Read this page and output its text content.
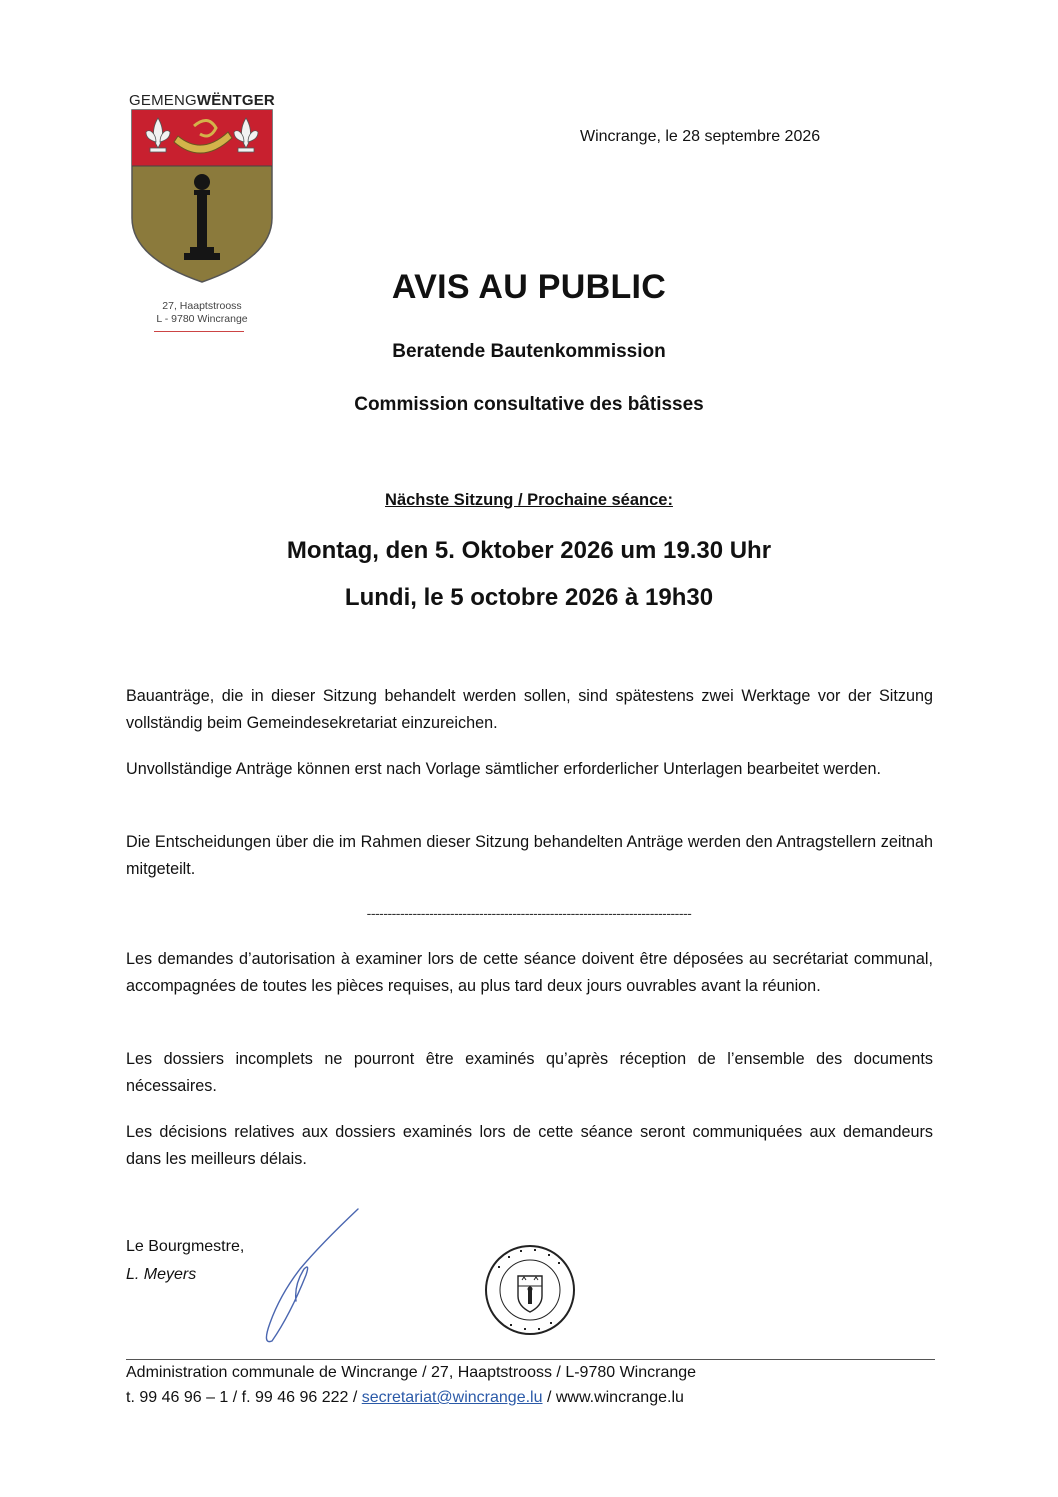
GEMENGWËNTGER
27, Haaptstrooss
L - 9780 Wincrange
Wincrange, le 28 septembre 2026
AVIS AU PUBLIC
Beratende Bautenkommission
Commission consultative des bâtisses
Nächste Sitzung / Prochaine séance:
Montag, den 5. Oktober 2026 um 19.30 Uhr
Lundi, le 5 octobre 2026 à 19h30
Bauanträge, die in dieser Sitzung behandelt werden sollen, sind spätestens zwei Werktage vor der Sitzung vollständig beim Gemeindesekretariat einzureichen.
Unvollständige Anträge können erst nach Vorlage sämtlicher erforderlicher Unterlagen bearbeitet werden.
Die Entscheidungen über die im Rahmen dieser Sitzung behandelten Anträge werden den Antragstellern zeitnah mitgeteilt.
------------------------------------------------------------------------------
Les demandes d’autorisation à examiner lors de cette séance doivent être déposées au secrétariat communal, accompagnées de toutes les pièces requises, au plus tard deux jours ouvrables avant la réunion.
Les dossiers incomplets ne pourront être examinés qu’après réception de l’ensemble des documents nécessaires.
Les décisions relatives aux dossiers examinés lors de cette séance seront communiquées aux demandeurs dans les meilleurs délais.
Le Bourgmestre,
L. Meyers
Administration communale de Wincrange / 27, Haaptstrooss / L-9780 Wincrange
t. 99 46 96 – 1 / f. 99 46 96 222 / secretariat@wincrange.lu / www.wincrange.lu
